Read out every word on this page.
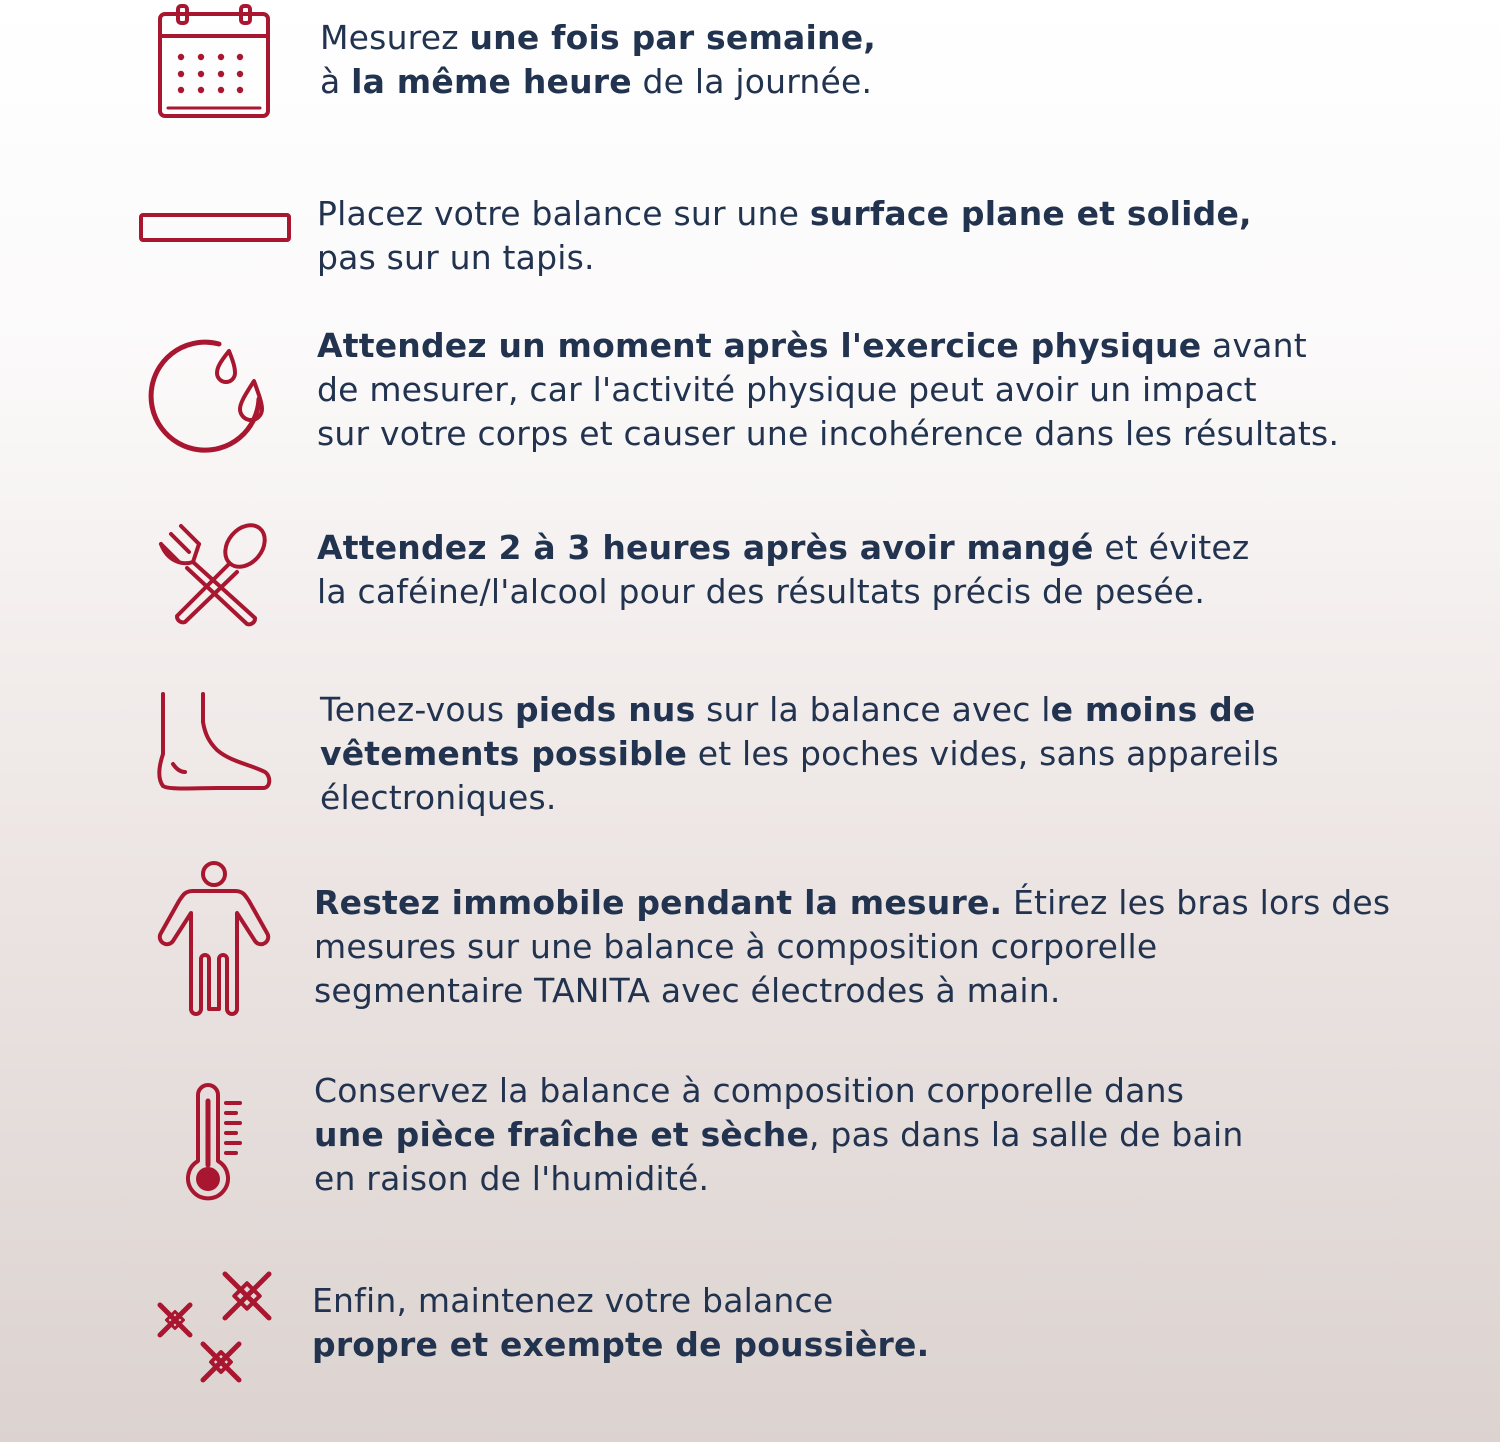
Mesurez une fois par semaine,
à la même heure de la journée.

Placez votre balance sur une surface plane et solide,
pas sur un tapis.

Attendez un moment après l'exercice physique avant
de mesurer, car l'activité physique peut avoir un impact
sur votre corps et causer une incohérence dans les résultats.

Attendez 2 à 3 heures après avoir mangé et évitez
la caféine/l'alcool pour des résultats précis de pesée.

Tenez-vous pieds nus sur la balance avec le moins de
vêtements possible et les poches vides, sans appareils
électroniques.

Restez immobile pendant la mesure. Étirez les bras lors des
mesures sur une balance à composition corporelle
segmentaire TANITA avec électrodes à main.

Conservez la balance à composition corporelle dans
une pièce fraîche et sèche, pas dans la salle de bain
en raison de l'humidité.

Enfin, maintenez votre balance
propre et exempte de poussière.
